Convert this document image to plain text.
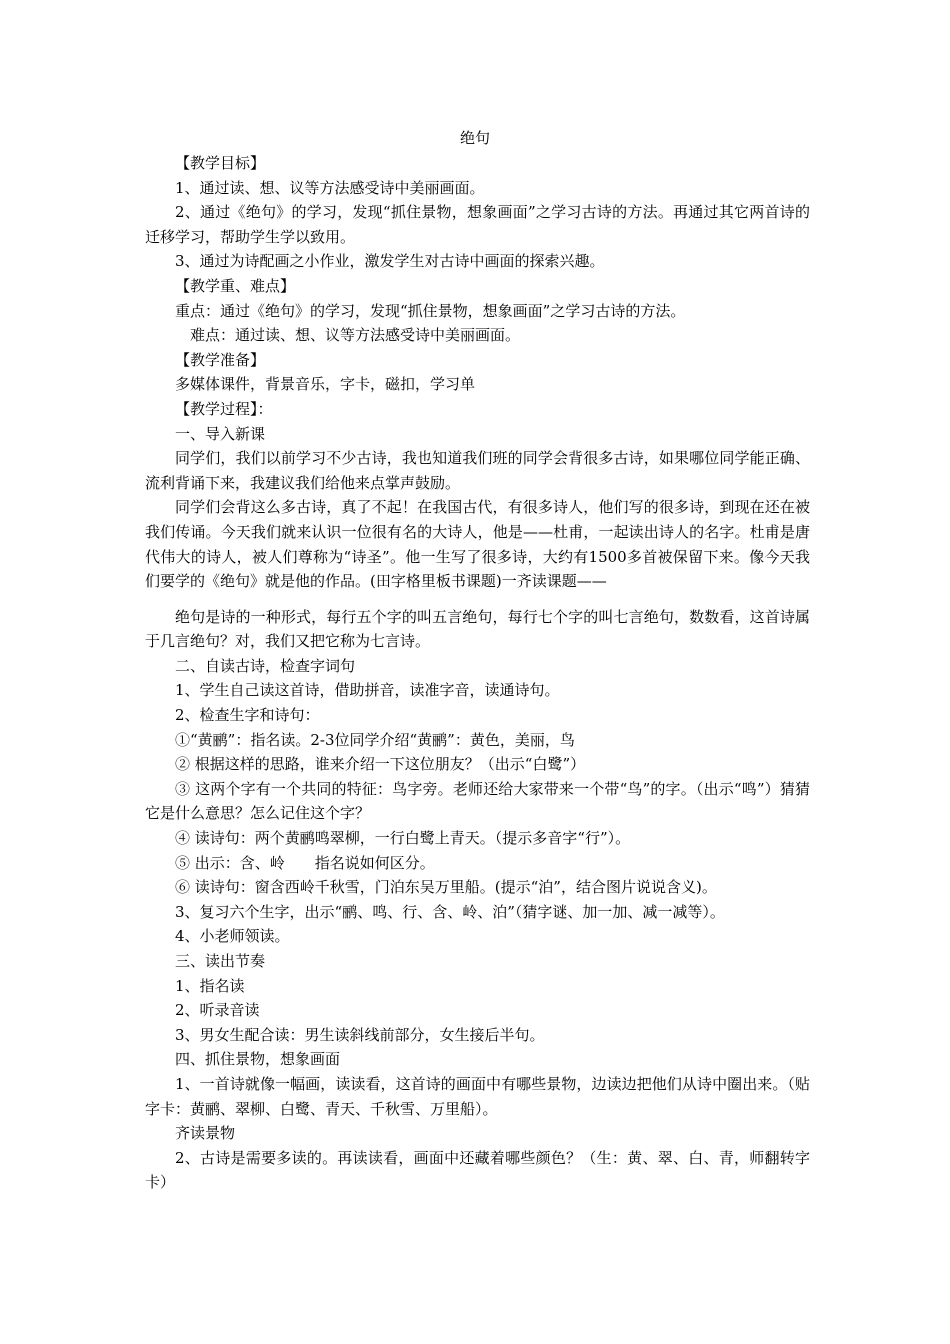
绝句

【教学目标】

1、通过读、想、议等方法感受诗中美丽画面。

2、通过《绝句》的学习，发现“抓住景物，想象画面”之学习古诗的方法。再通过其它两首诗的迁移学习，帮助学生学以致用。

3、通过为诗配画之小作业，激发学生对古诗中画面的探索兴趣。

【教学重、难点】

重点：通过《绝句》的学习，发现“抓住景物，想象画面”之学习古诗的方法。

难点：通过读、想、议等方法感受诗中美丽画面。

【教学准备】

多媒体课件，背景音乐，字卡，磁扣，学习单

【教学过程】：

一、导入新课

同学们，我们以前学习不少古诗，我也知道我们班的同学会背很多古诗，如果哪位同学能正确、流利背诵下来，我建议我们给他来点掌声鼓励。

同学们会背这么多古诗，真了不起！在我国古代，有很多诗人，他们写的很多诗，到现在还在被我们传诵。今天我们就来认识一位很有名的大诗人，他是——杜甫，一起读出诗人的名字。杜甫是唐代伟大的诗人，被人们尊称为“诗圣”。他一生写了很多诗，大约有1500多首被保留下来。像今天我们要学的《绝句》就是他的作品。(田字格里板书课题)一齐读课题——

绝句是诗的一种形式，每行五个字的叫五言绝句，每行七个字的叫七言绝句，数数看，这首诗属于几言绝句？对，我们又把它称为七言诗。

二、自读古诗，检查字词句

1、学生自己读这首诗，借助拼音，读准字音，读通诗句。

2、检查生字和诗句：

①“黄鹂”：指名读。2-3位同学介绍“黄鹂”：黄色，美丽，鸟

② 根据这样的思路，谁来介绍一下这位朋友？（出示“白鹭”）

③ 这两个字有一个共同的特征：鸟字旁。老师还给大家带来一个带“鸟”的字。（出示“鸣”）猜猜它是什么意思？怎么记住这个字？

④ 读诗句：两个黄鹂鸣翠柳，一行白鹭上青天。（提示多音字“行”）。

⑤ 出示：含、岭　　指名说如何区分。

⑥ 读诗句：窗含西岭千秋雪，门泊东吴万里船。(提示“泊”，结合图片说说含义)。

3、复习六个生字，出示“鹂、鸣、行、含、岭、泊”（猜字谜、加一加、减一减等）。

4、小老师领读。

三、读出节奏

1、指名读

2、听录音读

3、男女生配合读：男生读斜线前部分，女生接后半句。

四、抓住景物，想象画面

1、一首诗就像一幅画，读读看，这首诗的画面中有哪些景物，边读边把他们从诗中圈出来。（贴字卡：黄鹂、翠柳、白鹭、青天、千秋雪、万里船）。

齐读景物

2、古诗是需要多读的。再读读看，画面中还藏着哪些颜色？（生：黄、翠、白、青，师翻转字卡）
